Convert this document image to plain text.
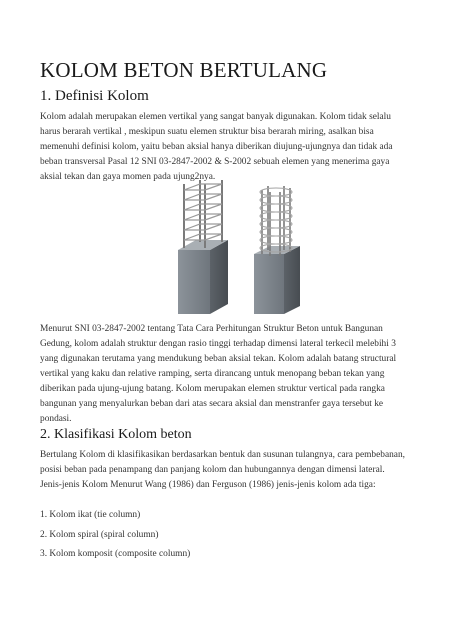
KOLOM BETON BERTULANG
1. Definisi Kolom

Kolom adalah merupakan elemen vertikal yang sangat banyak digunakan. Kolom tidak selalu
harus berarah vertikal , meskipun suatu elemen struktur bisa berarah miring, asalkan bisa
memenuhi definisi kolom, yaitu beban aksial hanya diberikan diujung-ujungnya dan tidak ada
beban transversal Pasal 12 SNI 03-2847-2002 & S-2002 sebuah elemen yang menerima gaya
aksial tekan dan gaya momen pada ujung2nya.

Menurut SNI 03-2847-2002 tentang Tata Cara Perhitungan Struktur Beton untuk Bangunan
Gedung, kolom adalah struktur dengan rasio tinggi terhadap dimensi lateral terkecil melebihi 3
yang digunakan terutama yang mendukung beban aksial tekan. Kolom adalah batang structural
vertikal yang kaku dan relative ramping, serta dirancang untuk menopang beban tekan yang
diberikan pada ujung-ujung batang. Kolom merupakan elemen struktur vertical pada rangka
bangunan yang menyalurkan beban dari atas secara aksial dan menstranfer gaya tersebut ke
pondasi.

2. Klasifikasi Kolom beton

Bertulang Kolom di klasifikasikan berdasarkan bentuk dan susunan tulangnya, cara pembebanan,
posisi beban pada penampang dan panjang kolom dan hubungannya dengan dimensi lateral.
Jenis-jenis Kolom Menurut Wang (1986) dan Ferguson (1986) jenis-jenis kolom ada tiga:

1. Kolom ikat (tie column)
2. Kolom spiral (spiral column)
3. Kolom komposit (composite column)
